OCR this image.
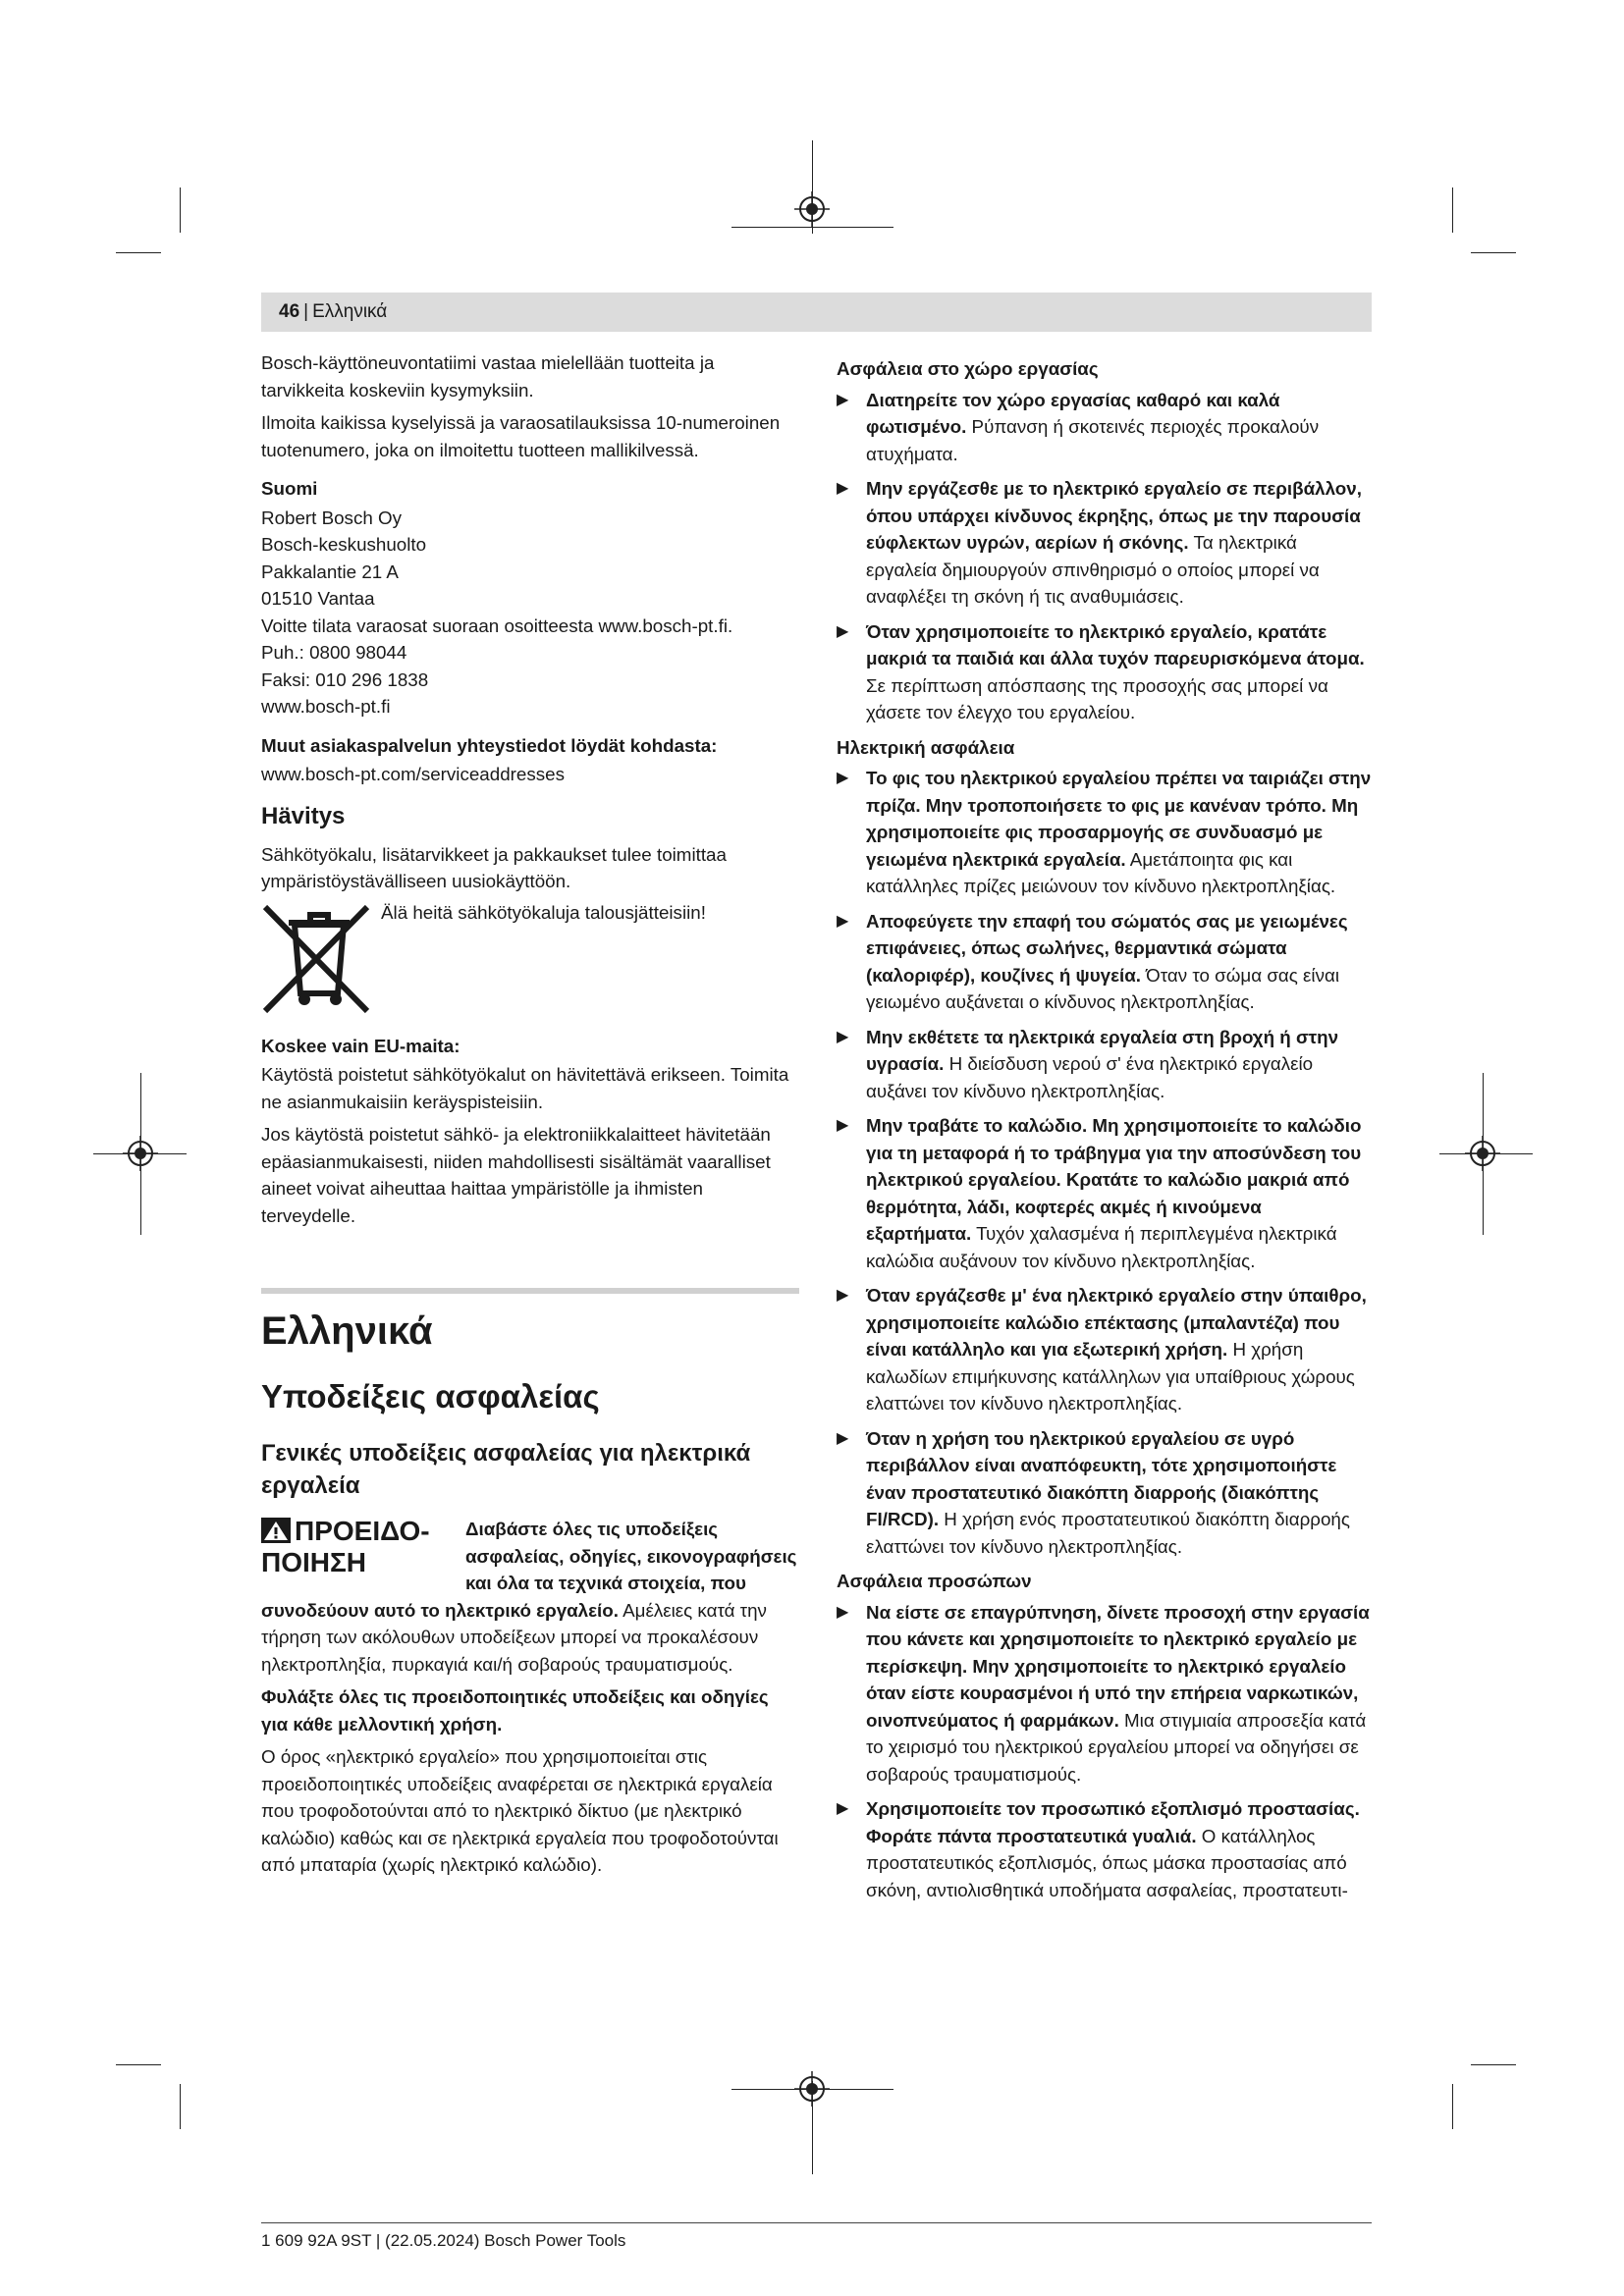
46 | Ελληνικά

Bosch-käyttöneuvontatiimi vastaa mielellään tuotteita ja tarvikkeita koskeviin kysymyksiin.

Ilmoita kaikissa kyselyissä ja varaosatilauksissa 10-numeroinen tuotenumero, joka on ilmoitettu tuotteen mallikilvessä.

Suomi
Robert Bosch Oy
Bosch-keskushuolto
Pakkalantie 21 A
01510 Vantaa
Voitte tilata varaosat suoraan osoitteesta www.bosch-pt.fi.
Puh.: 0800 98044
Faksi: 010 296 1838
www.bosch-pt.fi
Muut asiakaspalvelun yhteystiedot löydät kohdasta:

www.bosch-pt.com/serviceaddresses

Hävitys

Sähkötyökalu, lisätarvikkeet ja pakkaukset tulee toimittaa ympäristöystävälliseen uusiokäyttöön.

Älä heitä sähkötyökaluja talousjätteisiin!
Koskee vain EU-maita:

Käytöstä poistetut sähkötyökalut on hävitettävä erikseen. Toimita ne asianmukaisiin keräyspisteisiin.

Jos käytöstä poistetut sähkö- ja elektroniikkalaitteet hävitetään epäasianmukaisesti, niiden mahdollisesti sisältämät vaaralliset aineet voivat aiheuttaa haittaa ympäristölle ja ihmisten terveydelle.

Ελληνικά
Υποδείξεις ασφαλείας
Γενικές υποδείξεις ασφαλείας για ηλεκτρικά εργαλεία
ΠΡΟΕΙΔΟ-ΠΟΙΗΣΗ

Διαβάστε όλες τις υποδείξεις ασφαλείας, οδηγίες, εικονογραφήσεις και όλα τα τεχνικά στοιχεία, που συνοδεύουν αυτό το ηλεκτρικό εργαλείο. Αμέλειες κατά την τήρηση των ακόλουθων υποδείξεων μπορεί να προκαλέσουν ηλεκτροπληξία, πυρκαγιά και/ή σοβαρούς τραυματισμούς.

Φυλάξτε όλες τις προειδοποιητικές υποδείξεις και οδηγίες για κάθε μελλοντική χρήση.

Ο όρος «ηλεκτρικό εργαλείο» που χρησιμοποιείται στις προειδοποιητικές υποδείξεις αναφέρεται σε ηλεκτρικά εργαλεία που τροφοδοτούνται από το ηλεκτρικό δίκτυο (με ηλεκτρικό καλώδιο) καθώς και σε ηλεκτρικά εργαλεία που τροφοδοτούνται από μπαταρία (χωρίς ηλεκτρικό καλώδιο).

Ασφάλεια στο χώρο εργασίας
▶ Διατηρείτε τον χώρο εργασίας καθαρό και καλά φωτισμένο. Ρύπανση ή σκοτεινές περιοχές προκαλούν ατυχήματα.
▶ Μην εργάζεσθε με το ηλεκτρικό εργαλείο σε περιβάλλον, όπου υπάρχει κίνδυνος έκρηξης, όπως με την παρουσία εύφλεκτων υγρών, αερίων ή σκόνης. Τα ηλεκτρικά εργαλεία δημιουργούν σπινθηρισμό ο οποίος μπορεί να αναφλέξει τη σκόνη ή τις αναθυμιάσεις.
▶ Όταν χρησιμοποιείτε το ηλεκτρικό εργαλείο, κρατάτε μακριά τα παιδιά και άλλα τυχόν παρευρισκόμενα άτομα. Σε περίπτωση απόσπασης της προσοχής σας μπορεί να χάσετε τον έλεγχο του εργαλείου.
Ηλεκτρική ασφάλεια
▶ Το φις του ηλεκτρικού εργαλείου πρέπει να ταιριάζει στην πρίζα. Μην τροποποιήσετε το φις με κανέναν τρόπο. Μη χρησιμοποιείτε φις προσαρμογής σε συνδυασμό με γειωμένα ηλεκτρικά εργαλεία. Αμετάποιητα φις και κατάλληλες πρίζες μειώνουν τον κίνδυνο ηλεκτροπληξίας.
▶ Αποφεύγετε την επαφή του σώματός σας με γειωμένες επιφάνειες, όπως σωλήνες, θερμαντικά σώματα (καλοριφέρ), κουζίνες ή ψυγεία. Όταν το σώμα σας είναι γειωμένο αυξάνεται ο κίνδυνος ηλεκτροπληξίας.
▶ Μην εκθέτετε τα ηλεκτρικά εργαλεία στη βροχή ή στην υγρασία. Η διείσδυση νερού σ' ένα ηλεκτρικό εργαλείο αυξάνει τον κίνδυνο ηλεκτροπληξίας.
▶ Μην τραβάτε το καλώδιο. Μη χρησιμοποιείτε το καλώδιο για τη μεταφορά ή το τράβηγμα για την αποσύνδεση του ηλεκτρικού εργαλείου. Κρατάτε το καλώδιο μακριά από θερμότητα, λάδι, κοφτερές ακμές ή κινούμενα εξαρτήματα. Τυχόν χαλασμένα ή περιπλεγμένα ηλεκτρικά καλώδια αυξάνουν τον κίνδυνο ηλεκτροπληξίας.
▶ Όταν εργάζεσθε μ' ένα ηλεκτρικό εργαλείο στην ύπαιθρο, χρησιμοποιείτε καλώδιο επέκτασης (μπαλαντέζα) που είναι κατάλληλο και για εξωτερική χρήση. Η χρήση καλωδίων επιμήκυνσης κατάλληλων για υπαίθριους χώρους ελαττώνει τον κίνδυνο ηλεκτροπληξίας.
▶ Όταν η χρήση του ηλεκτρικού εργαλείου σε υγρό περιβάλλον είναι αναπόφευκτη, τότε χρησιμοποιήστε έναν προστατευτικό διακόπτη διαρροής (διακόπτης FI/RCD). Η χρήση ενός προστατευτικού διακόπτη διαρροής ελαττώνει τον κίνδυνο ηλεκτροπληξίας.
Ασφάλεια προσώπων
▶ Να είστε σε επαγρύπνηση, δίνετε προσοχή στην εργασία που κάνετε και χρησιμοποιείτε το ηλεκτρικό εργαλείο με περίσκεψη. Μην χρησιμοποιείτε το ηλεκτρικό εργαλείο όταν είστε κουρασμένοι ή υπό την επήρεια ναρκωτικών, οινοπνεύματος ή φαρμάκων. Μια στιγμιαία απροσεξία κατά το χειρισμό του ηλεκτρικού εργαλείου μπορεί να οδηγήσει σε σοβαρούς τραυματισμούς.
▶ Χρησιμοποιείτε τον προσωπικό εξοπλισμό προστασίας. Φοράτε πάντα προστατευτικά γυαλιά. Ο κατάλληλος προστατευτικός εξοπλισμός, όπως μάσκα προστασίας από σκόνη, αντιολισθητικά υποδήματα ασφαλείας, προστατευτι-
1 609 92A 9ST | (22.05.2024) Bosch Power Tools
